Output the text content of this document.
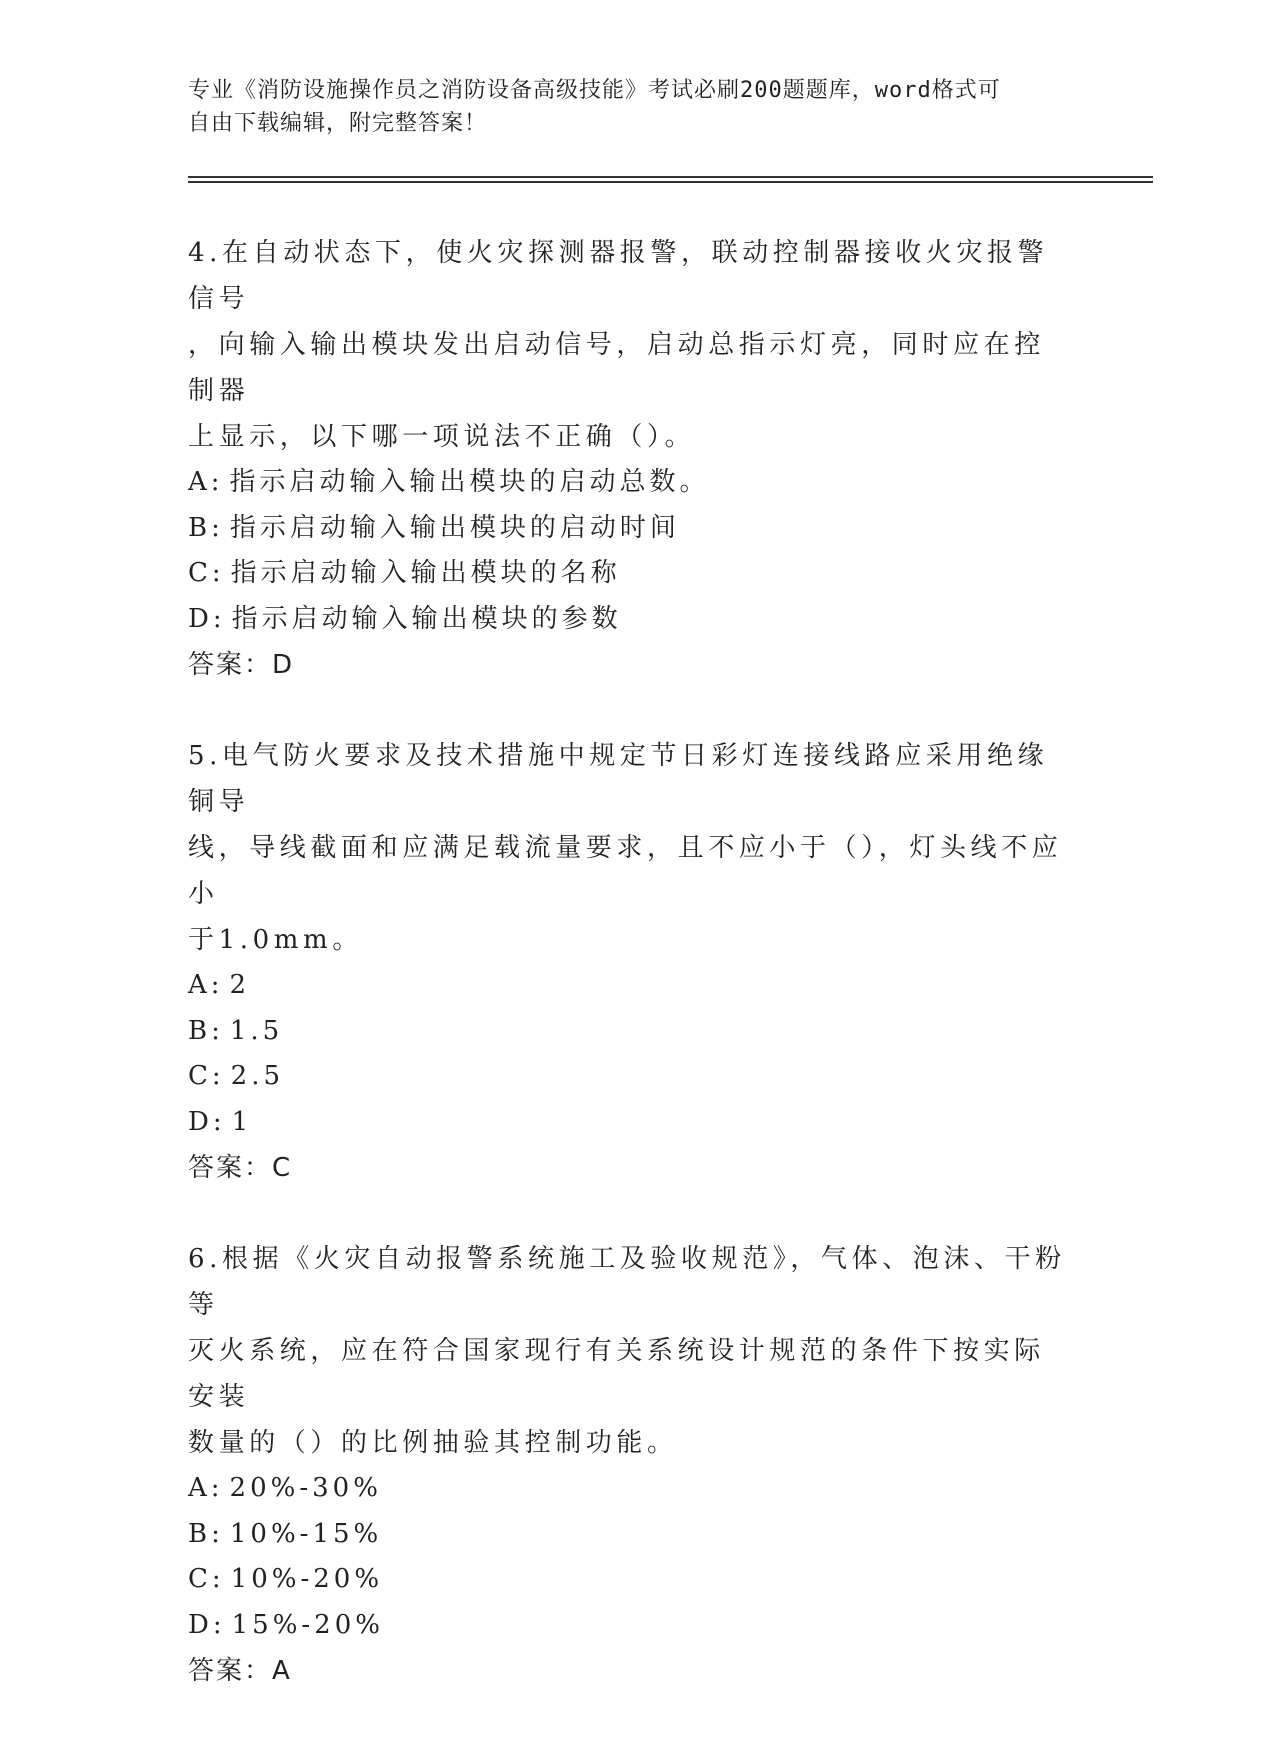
专业《消防设施操作员之消防设备高级技能》考试必刷200题题库，word格式可
自由下载编辑，附完整答案！

4.在自动状态下，使火灾探测器报警，联动控制器接收火灾报警信号

，向输入输出模块发出启动信号，启动总指示灯亮，同时应在控制器

上显示，以下哪一项说法不正确（）。

A: 指示启动输入输出模块的启动总数。

B: 指示启动输入输出模块的启动时间

C: 指示启动输入输出模块的名称

D: 指示启动输入输出模块的参数

答案：D

5.电气防火要求及技术措施中规定节日彩灯连接线路应采用绝缘铜导

线，导线截面和应满足载流量要求，且不应小于（），灯头线不应小

于1.0mm。

A: 2

B: 1.5

C: 2.5

D: 1

答案：C

6.根据《火灾自动报警系统施工及验收规范》，气体、泡沫、干粉等

灭火系统，应在符合国家现行有关系统设计规范的条件下按实际安装

数量的（）的比例抽验其控制功能。

A: 20%-30%

B: 10%-15%

C: 10%-20%

D: 15%-20%

答案：A
